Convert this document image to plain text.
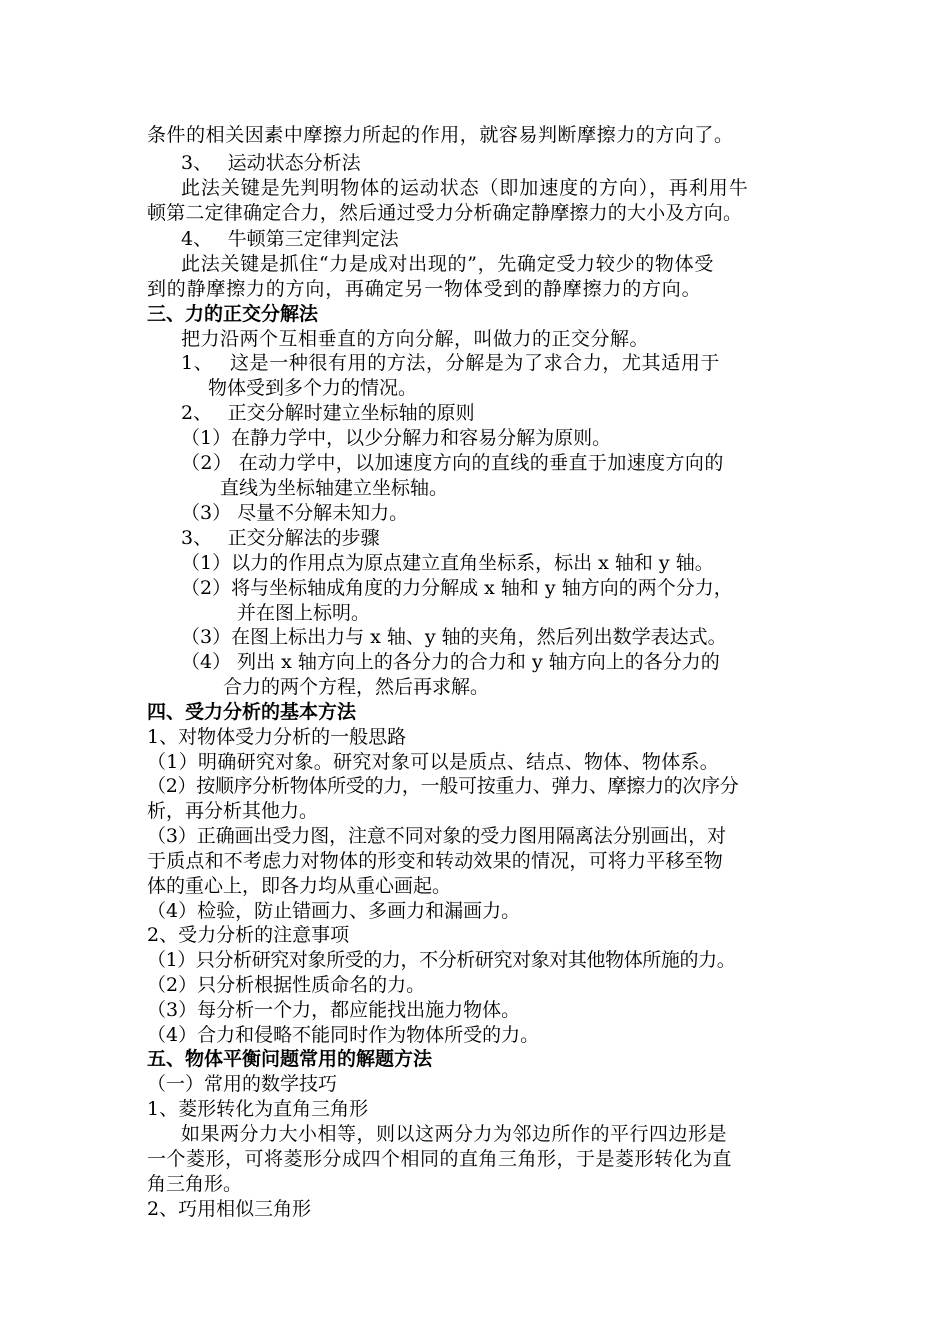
条件的相关因素中摩擦力所起的作用，就容易判断摩擦力的方向了。
3、　 运动状态分析法
此法关键是先判明物体的运动状态（即加速度的方向），再利用牛
顿第二定律确定合力，然后通过受力分析确定静摩擦力的大小及方向。
4、　 牛顿第三定律判定法
此法关键是抓住“力是成对出现的”，先确定受力较少的物体受
到的静摩擦力的方向，再确定另一物体受到的静摩擦力的方向。
三、力的正交分解法
把力沿两个互相垂直的方向分解，叫做力的正交分解。
1、　 这是一种很有用的方法，分解是为了求合力，尤其适用于
物体受到多个力的情况。
2、　 正交分解时建立坐标轴的原则
（1）在静力学中，以少分解力和容易分解为原则。
（2） 在动力学中，以加速度方向的直线的垂直于加速度方向的
直线为坐标轴建立坐标轴。
（3） 尽量不分解未知力。
3、　 正交分解法的步骤
（1）以力的作用点为原点建立直角坐标系，标出 x 轴和 y 轴。
（2）将与坐标轴成角度的力分解成 x 轴和 y 轴方向的两个分力，
并在图上标明。
（3）在图上标出力与 x 轴、y 轴的夹角，然后列出数学表达式。
（4） 列出 x 轴方向上的各分力的合力和 y 轴方向上的各分力的
合力的两个方程，然后再求解。
四、受力分析的基本方法
1、对物体受力分析的一般思路
（1）明确研究对象。研究对象可以是质点、结点、物体、物体系。
（2）按顺序分析物体所受的力，一般可按重力、弹力、摩擦力的次序分
析，再分析其他力。
（3）正确画出受力图，注意不同对象的受力图用隔离法分别画出，对
于质点和不考虑力对物体的形变和转动效果的情况，可将力平移至物
体的重心上，即各力均从重心画起。
（4）检验，防止错画力、多画力和漏画力。
2、受力分析的注意事项
（1）只分析研究对象所受的力，不分析研究对象对其他物体所施的力。
（2）只分析根据性质命名的力。
（3）每分析一个力，都应能找出施力物体。
（4）合力和侵略不能同时作为物体所受的力。
五、物体平衡问题常用的解题方法
（一）常用的数学技巧
1、菱形转化为直角三角形
如果两分力大小相等，则以这两分力为邻边所作的平行四边形是
一个菱形，可将菱形分成四个相同的直角三角形，于是菱形转化为直
角三角形。
2、巧用相似三角形
